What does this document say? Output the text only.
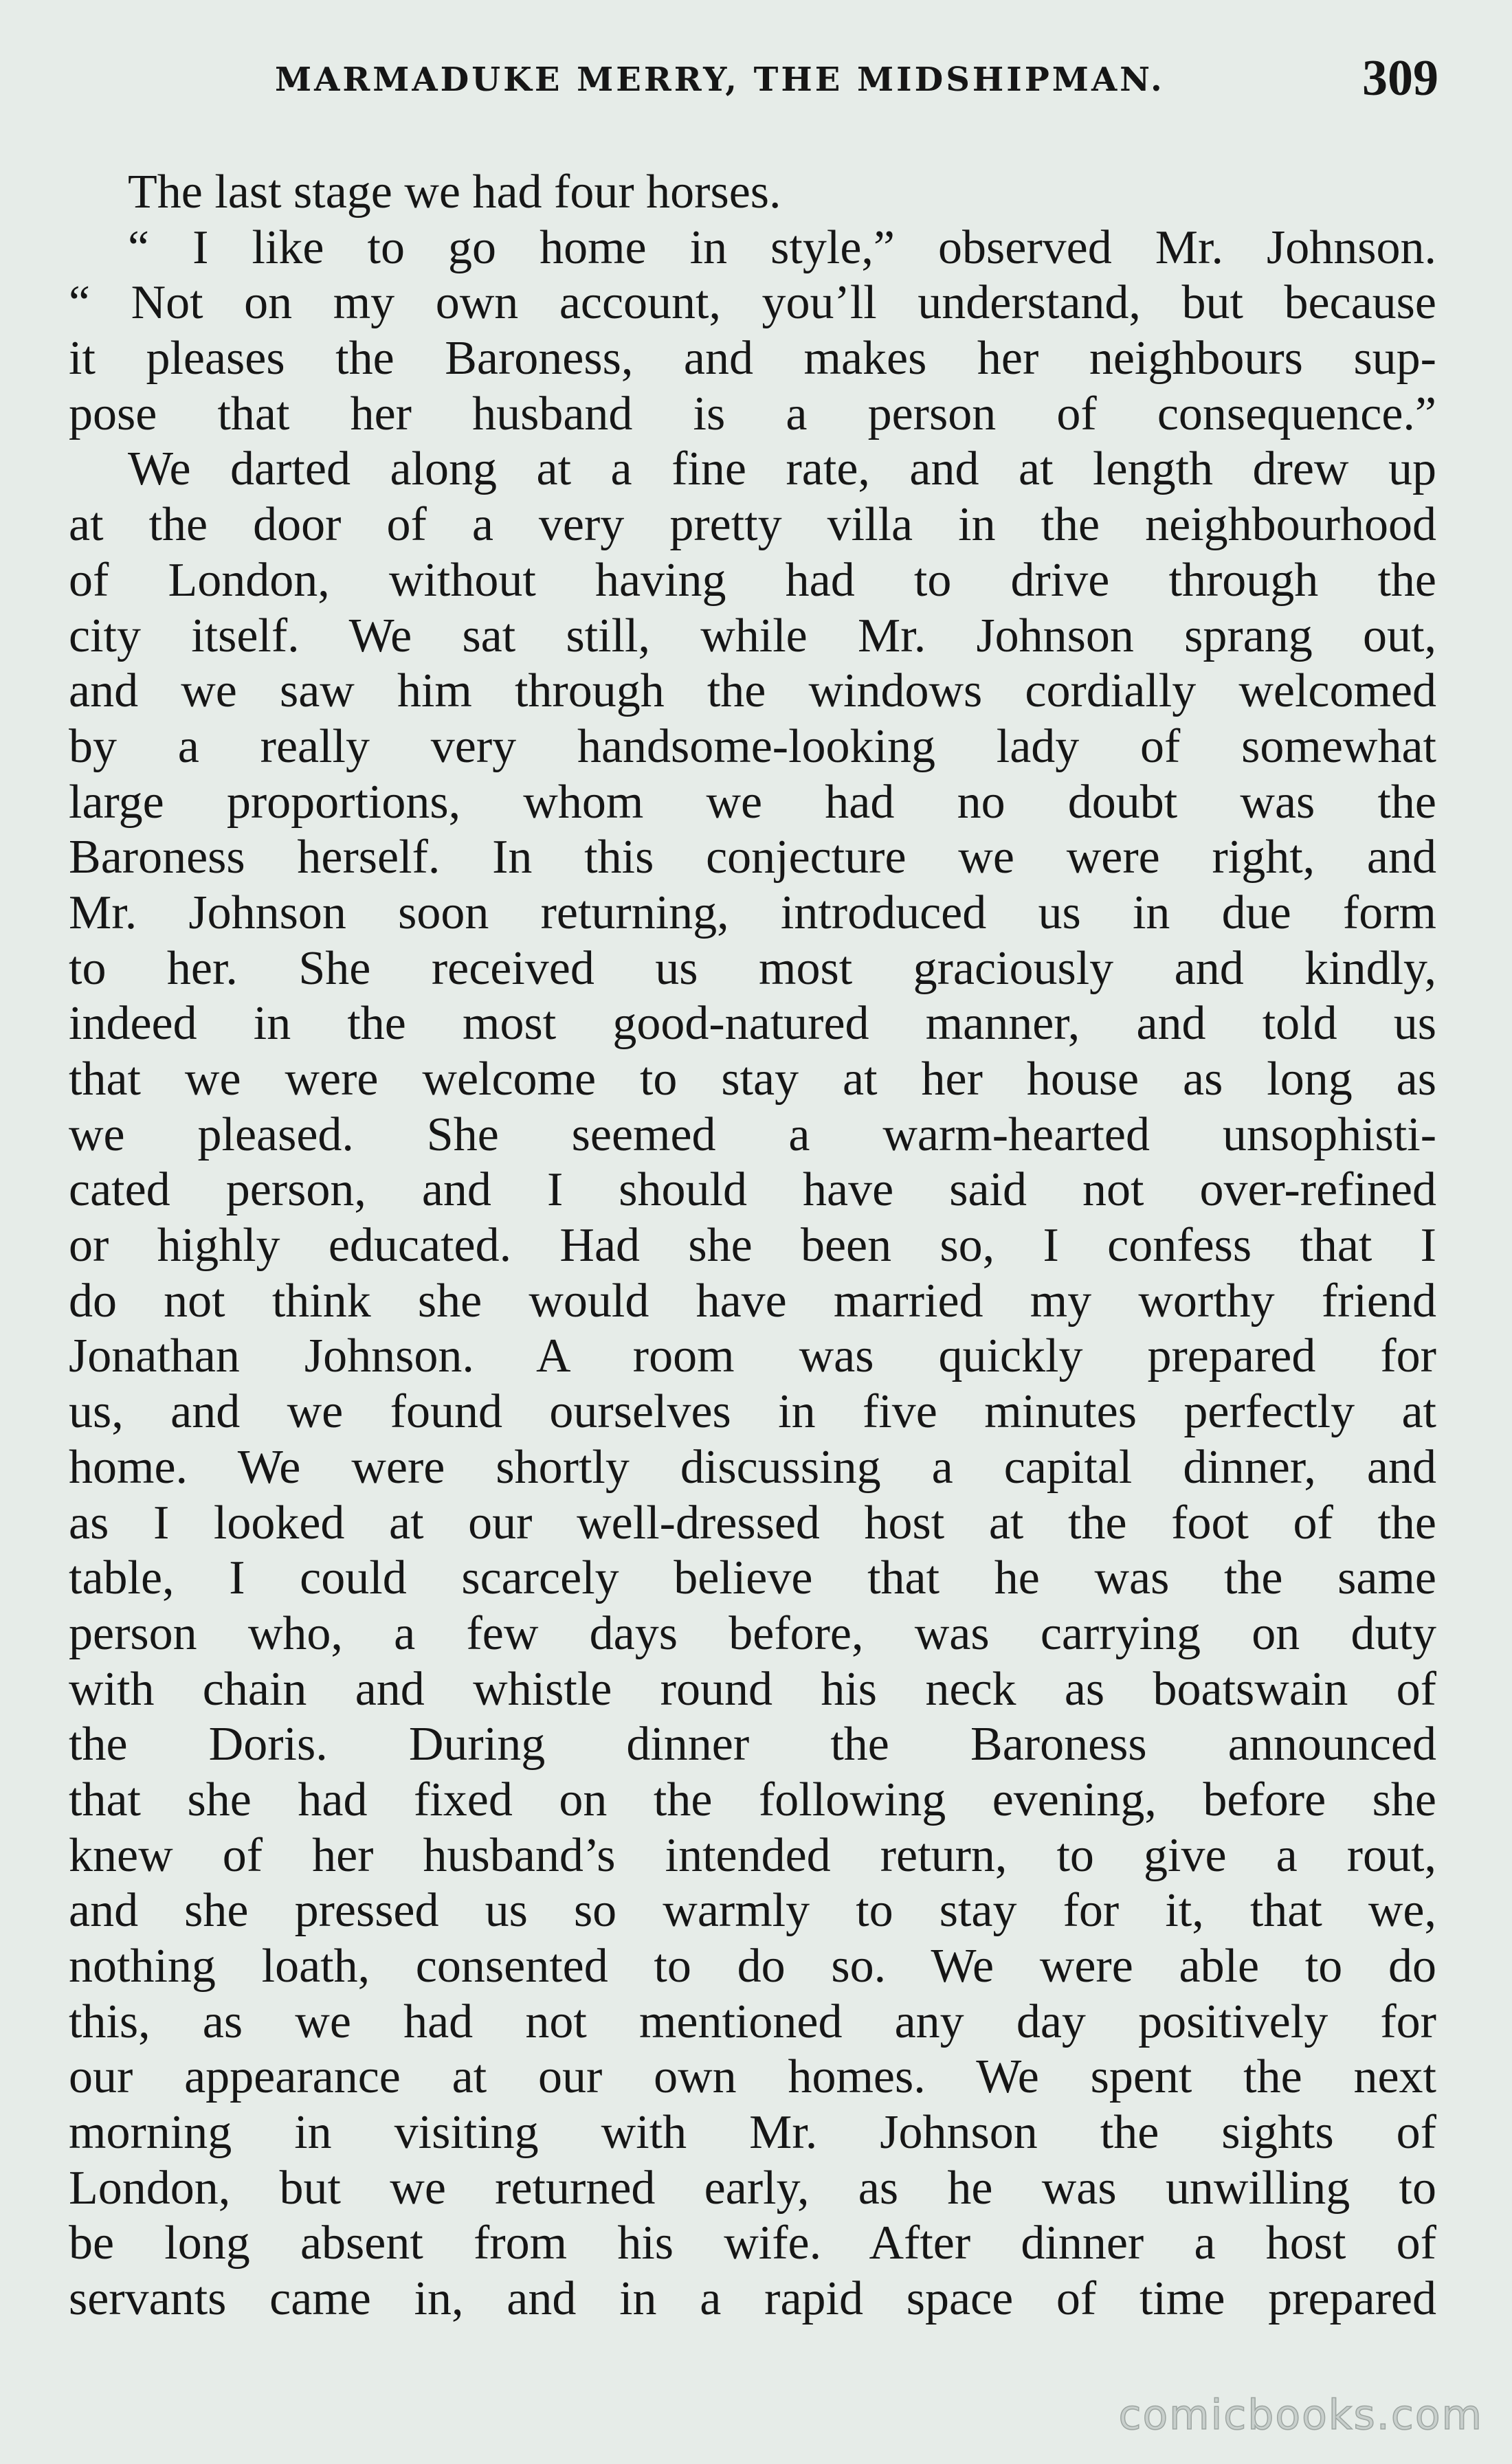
MARMADUKE MERRY, THE MIDSHIPMAN.	309
The last stage we had four horses.
“ I like to go home in style,” observed Mr. Johnson.
“ Not on my own account, you’ll understand, but because
it pleases the Baroness, and makes her neighbours sup-
pose that her husband is a person of consequence.”
We darted along at a fine rate, and at length drew up
at the door of a very pretty villa in the neighbourhood
of London, without having had to drive through the
city itself. We sat still, while Mr. Johnson sprang out,
and we saw him through the windows cordially welcomed
by a really very handsome-looking lady of somewhat
large proportions, whom we had no doubt was the
Baroness herself. In this conjecture we were right, and
Mr. Johnson soon returning, introduced us in due form
to her. She received us most graciously and kindly,
indeed in the most good-natured manner, and told us
that we were welcome to stay at her house as long as
we pleased. She seemed a warm-hearted unsophisti-
cated person, and I should have said not over-refined
or highly educated. Had she been so, I confess that I
do not think she would have married my worthy friend
Jonathan Johnson. A room was quickly prepared for
us, and we found ourselves in five minutes perfectly at
home. We were shortly discussing a capital dinner, and
as I looked at our well-dressed host at the foot of the
table, I could scarcely believe that he was the same
person who, a few days before, was carrying on duty
with chain and whistle round his neck as boatswain of
the Doris. During dinner the Baroness announced
that she had fixed on the following evening, before she
knew of her husband’s intended return, to give a rout,
and she pressed us so warmly to stay for it, that we,
nothing loath, consented to do so. We were able to do
this, as we had not mentioned any day positively for
our appearance at our own homes. We spent the next
morning in visiting with Mr. Johnson the sights of
London, but we returned early, as he was unwilling to
be long absent from his wife. After dinner a host of
servants came in, and in a rapid space of time prepared
comicbooks.com
